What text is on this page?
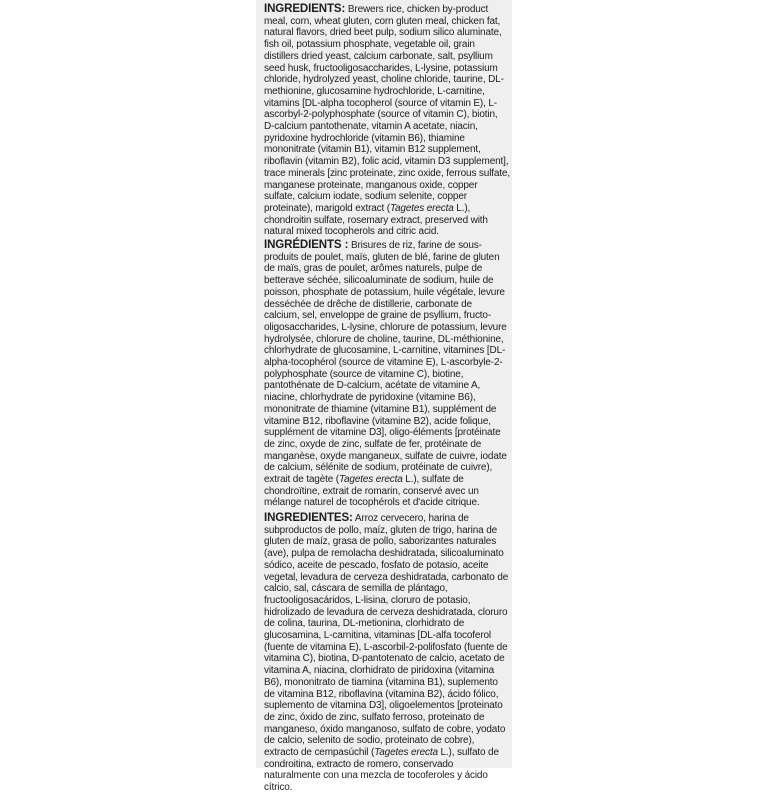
INGREDIENTS: Brewers rice, chicken by-product meal, corn, wheat gluten, corn gluten meal, chicken fat, natural flavors, dried beet pulp, sodium silico aluminate, fish oil, potassium phosphate, vegetable oil, grain distillers dried yeast, calcium carbonate, salt, psyllium seed husk, fructooligosaccharides, L-lysine, potassium chloride, hydrolyzed yeast, choline chloride, taurine, DL-methionine, glucosamine hydrochloride, L-carnitine, vitamins [DL-alpha tocopherol (source of vitamin E), L-ascorbyl-2-polyphosphate (source of vitamin C), biotin, D-calcium pantothenate, vitamin A acetate, niacin, pyridoxine hydrochloride (vitamin B6), thiamine mononitrate (vitamin B1), vitamin B12 supplement, riboflavin (vitamin B2), folic acid, vitamin D3 supplement], trace minerals [zinc proteinate, zinc oxide, ferrous sulfate, manganese proteinate, manganous oxide, copper sulfate, calcium iodate, sodium selenite, copper proteinate), marigold extract (Tagetes erecta L.), chondroitin sulfate, rosemary extract, preserved with natural mixed tocopherols and citric acid.
INGRÉDIENTS : Brisures de riz, farine de sous-produits de poulet, maïs, gluten de blé, farine de gluten de maïs, gras de poulet, arômes naturels, pulpe de betterave séchée, silicoaluminate de sodium, huile de poisson, phosphate de potassium, huile végétale, levure desséchée de drêche de distillerie, carbonate de calcium, sel, enveloppe de graine de psyllium, fructo-oligosaccharides, L-lysine, chlorure de potassium, levure hydrolysée, chlorure de choline, taurine, DL-méthionine, chlorhydrate de glucosamine, L-carnitine, vitamines [DL-alpha-tocophérol (source de vitamine E), L-ascorbyle-2-polyphosphate (source de vitamine C), biotine, pantothénate de D-calcium, acétate de vitamine A, niacine, chlorhydrate de pyridoxine (vitamine B6), mononitrate de thiamine (vitamine B1), supplément de vitamine B12, riboflavine (vitamine B2), acide folique, supplément de vitamine D3], oligo-éléments [protéinate de zinc, oxyde de zinc, sulfate de fer, protéinate de manganèse, oxyde manganeux, sulfate de cuivre, iodate de calcium, sélénite de sodium, protéinate de cuivre), extrait de tagète (Tagetes erecta L.), sulfate de chondroïtine, extrait de romarin, conservé avec un mélange naturel de tocophérols et d'acide citrique.
INGREDIENTES: Arroz cervecero, harina de subproductos de pollo, maíz, gluten de trigo, harina de gluten de maíz, grasa de pollo, saborizantes naturales (ave), pulpa de remolacha deshidratada, silicoaluminato sódico, aceite de pescado, fosfato de potasio, aceite vegetal, levadura de cerveza deshidratada, carbonato de calcio, sal, cáscara de semilla de plántago, fructooligosacáridos, L-lisina, cloruro de potasio, hidrolizado de levadura de cerveza deshidratada, cloruro de colina, taurina, DL-metionina, clorhidrato de glucosamina, L-carnitina, vitaminas [DL-alfa tocoferol (fuente de vitamina E), L-ascorbil-2-polifosfato (fuente de vitamina C), biotina, D-pantotenato de calcio, acetato de vitamina A, niacina, clorhidrato de piridoxina (vitamina B6), mononitrato de tiamina (vitamina B1), suplemento de vitamina B12, riboflavina (vitamina B2), ácido fólico, suplemento de vitamina D3], oligoelementos [proteinato de zinc, óxido de zinc, sulfato ferroso, proteinato de manganeso, óxido manganoso, sulfato de cobre, yodato de calcio, selenito de sodio, proteinato de cobre), extracto de cempasúchil (Tagetes erecta L.), sulfato de condroitina, extracto de romero, conservado naturalmente con una mezcla de tocoferoles y ácido cítrico.
